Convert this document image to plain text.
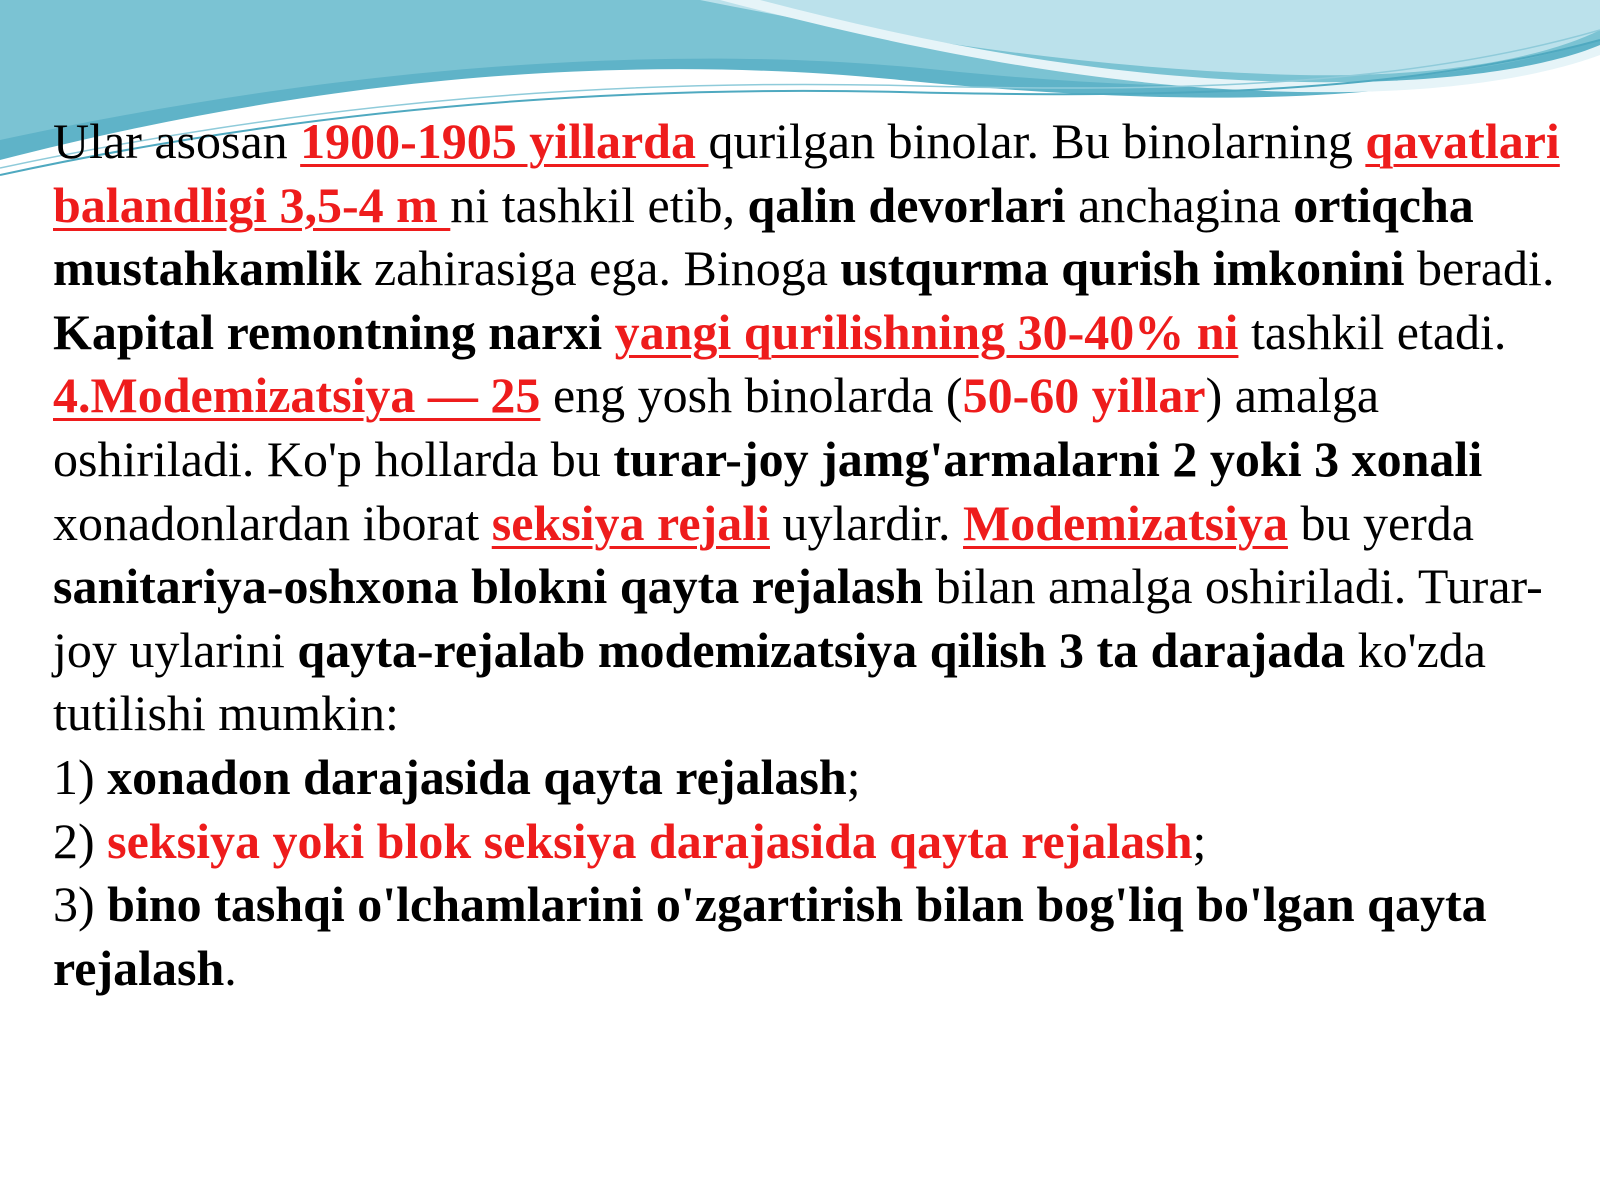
Ular asosan 1900-1905 yillarda qurilgan binolar. Bu binolarning qavatlari balandligi 3,5-4 m ni tashkil etib, qalin devorlari anchagina ortiqcha mustahkamlik zahirasiga ega. Binoga ustqurma qurish imkonini beradi. Kapital remontning narxi yangi qurilishning 30-40% ni tashkil etadi.

4.Modemizatsiya — 25 eng yosh binolarda (50-60 yillar) amalga oshiriladi. Ko'p hollarda bu turar-joy jamg'armalarni 2 yoki 3 xonali xonadonlardan iborat seksiya rejali uylardir. Modemizatsiya bu yerda sanitariya-oshxona blokni qayta rejalash bilan amalga oshiriladi. Turar-joy uylarini qayta-rejalab modemizatsiya qilish 3 ta darajada ko'zda tutilishi mumkin:

1) xonadon darajasida qayta rejalash;

2) seksiya yoki blok seksiya darajasida qayta rejalash;

3) bino tashqi o'lchamlarini o'zgartirish bilan bog'liq bo'lgan qayta rejalash.
